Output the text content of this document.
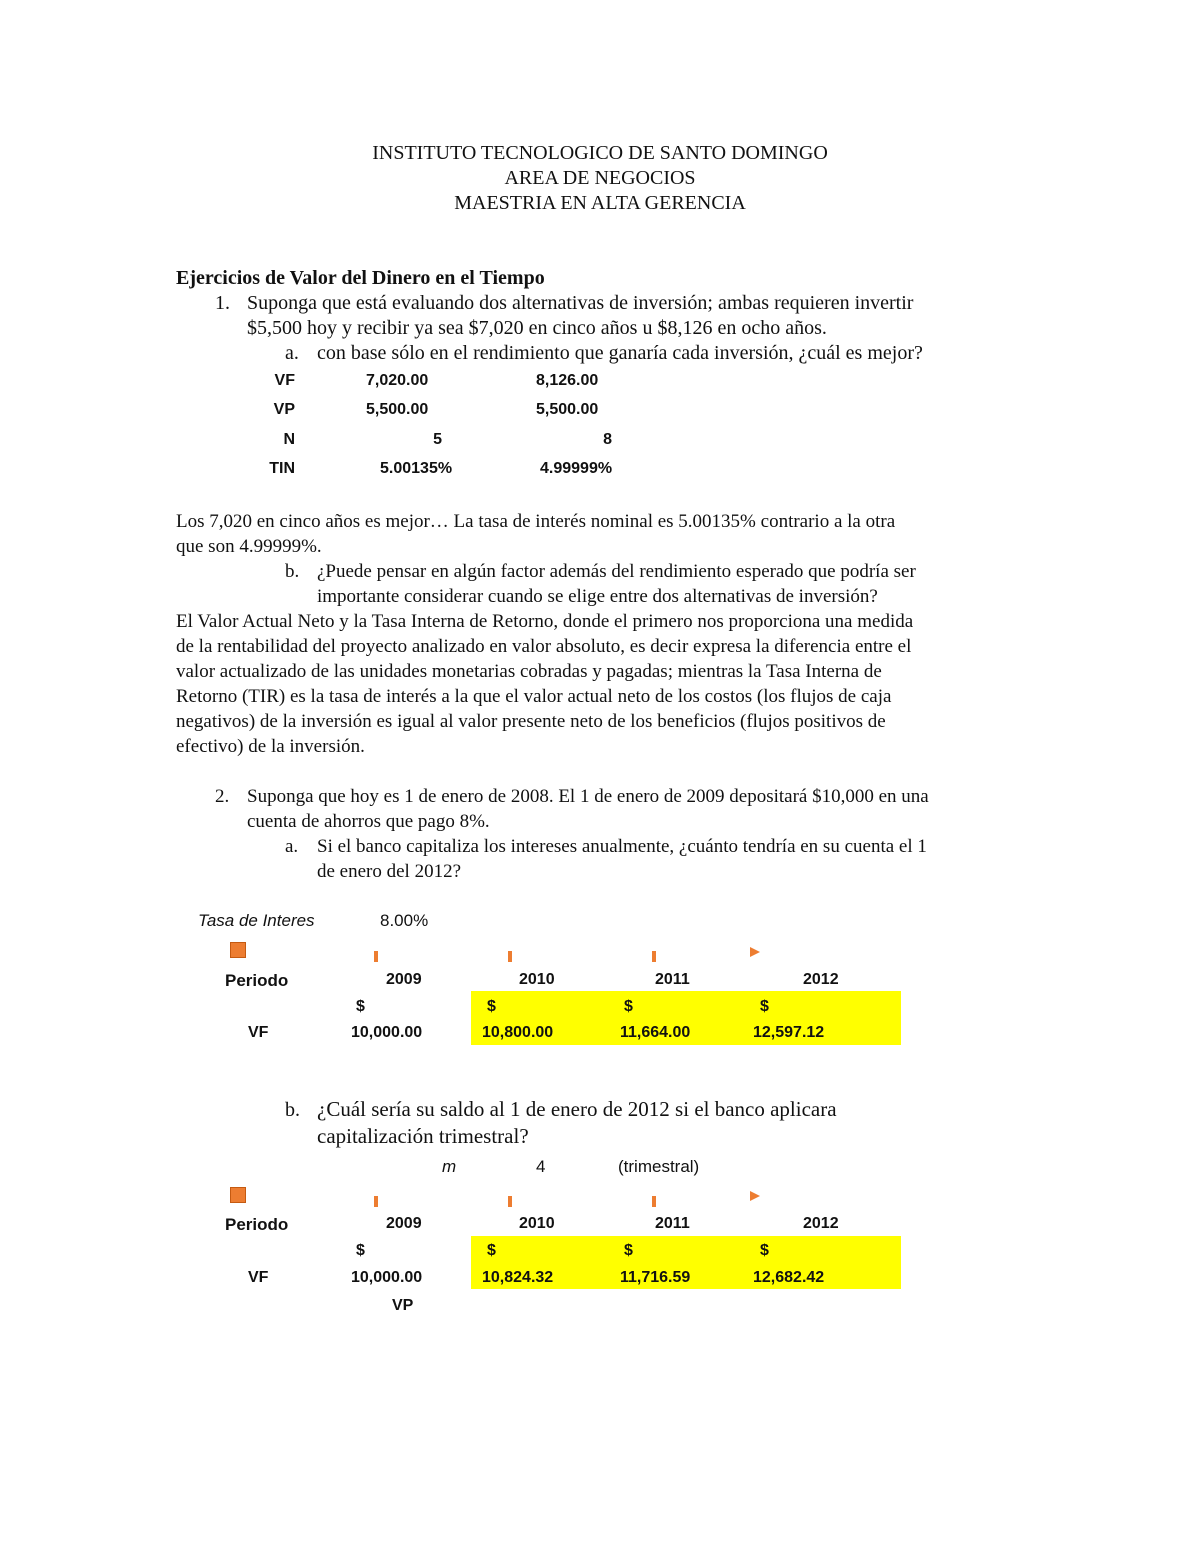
INSTITUTO TECNOLOGICO DE SANTO DOMINGO
AREA DE NEGOCIOS
MAESTRIA EN ALTA GERENCIA
Ejercicios de Valor del Dinero en el Tiempo
1. Suponga que está evaluando dos alternativas de inversión; ambas requieren invertir
$5,500 hoy y recibir ya sea $7,020 en cinco años u $8,126 en ocho años.
a. con base sólo en el rendimiento que ganaría cada inversión, ¿cuál es mejor?
VF	7,020.00	8,126.00
VP	5,500.00	5,500.00
N	5	8
TIN	5.00135%	4.99999%
Los 7,020 en cinco años es mejor… La tasa de interés nominal es 5.00135% contrario a la otra
que son 4.99999%.
b. ¿Puede pensar en algún factor además del rendimiento esperado que podría ser
importante considerar cuando se elige entre dos alternativas de inversión?
El Valor Actual Neto y la Tasa Interna de Retorno, donde el primero nos proporciona una medida
de la rentabilidad del proyecto analizado en valor absoluto, es decir expresa la diferencia entre el
valor actualizado de las unidades monetarias cobradas y pagadas; mientras la Tasa Interna de
Retorno (TIR) es la tasa de interés a la que el valor actual neto de los costos (los flujos de caja
negativos) de la inversión es igual al valor presente neto de los beneficios (flujos positivos de
efectivo) de la inversión.
2. Suponga que hoy es 1 de enero de 2008. El 1 de enero de 2009 depositará $10,000 en una
cuenta de ahorros que pago 8%.
a. Si el banco capitaliza los intereses anualmente, ¿cuánto tendría en su cuenta el 1
de enero del 2012?
Tasa de Interes	8.00%
Periodo	2009	2010	2011	2012
$	$	$	$
VF	10,000.00	10,800.00	11,664.00	12,597.12
b. ¿Cuál sería su saldo al 1 de enero de 2012 si el banco aplicara
capitalización trimestral?
m	4	(trimestral)
Periodo	2009	2010	2011	2012
$	$	$	$
VF	10,000.00	10,824.32	11,716.59	12,682.42
VP
